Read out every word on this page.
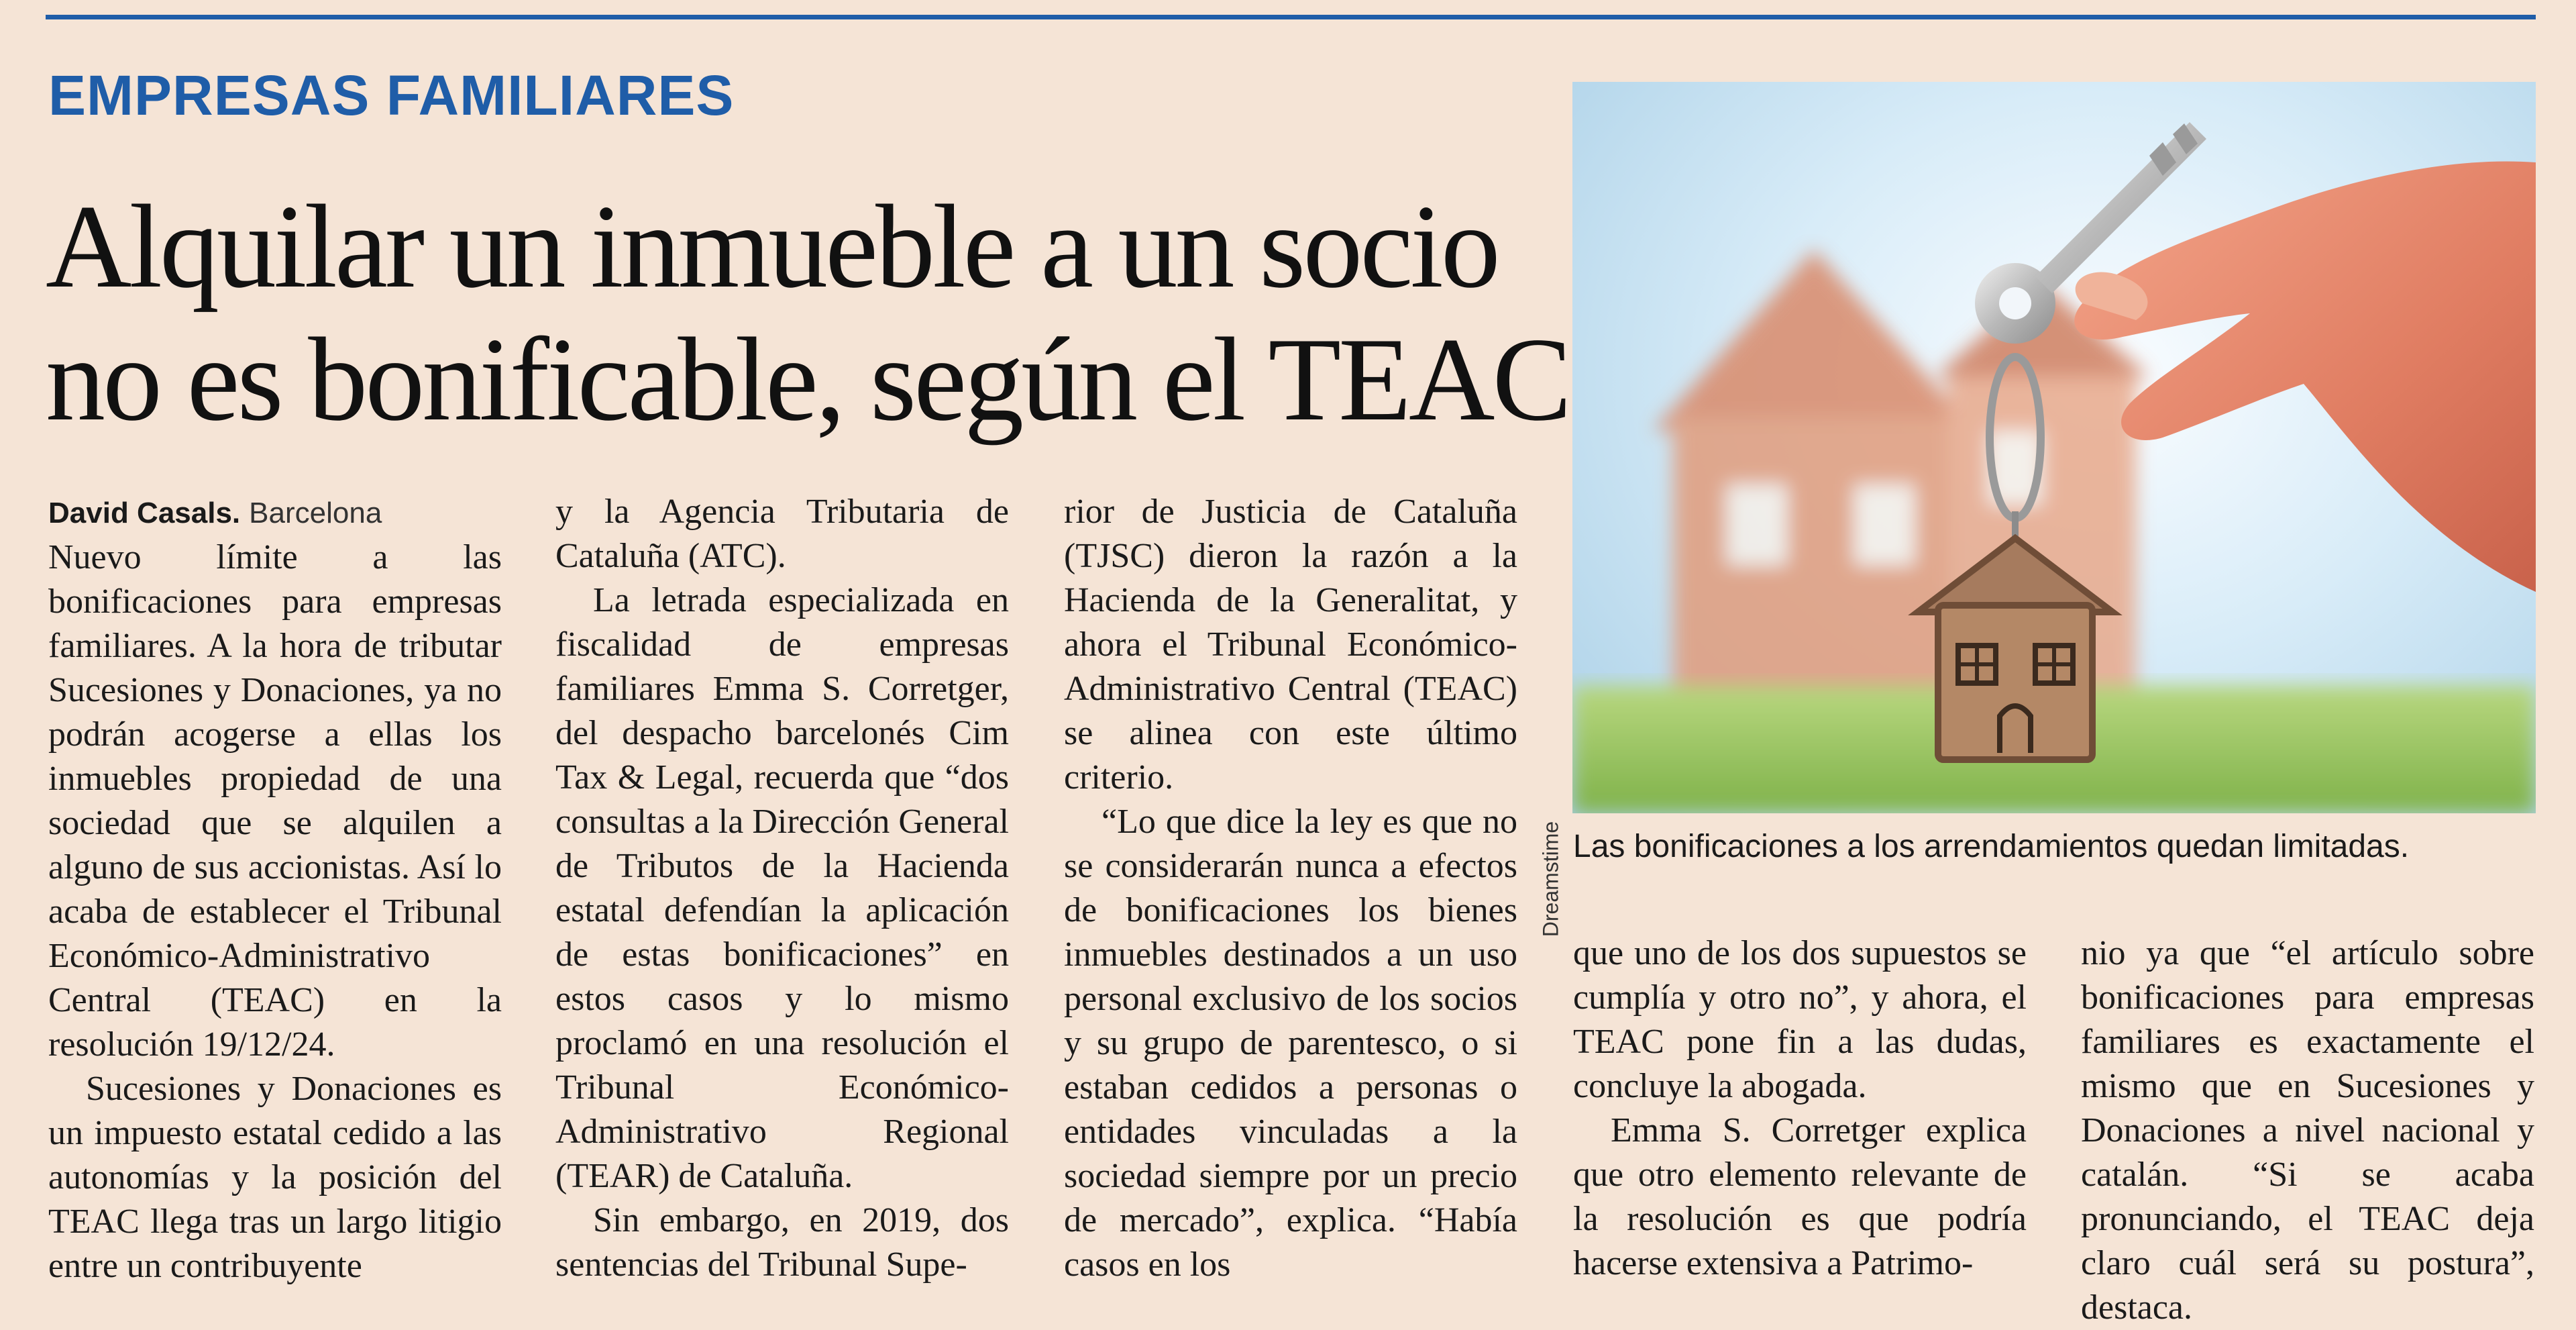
EMPRESAS FAMILIARES
Alquilar un inmueble a un socio
no es bonificable, según el TEAC
David Casals. Barcelona

Nuevo límite a las bonificaciones para empresas familiares. A la hora de tributar Sucesiones y Donaciones, ya no podrán acogerse a ellas los inmuebles propiedad de una sociedad que se alquilen a alguno de sus accionistas. Así lo acaba de establecer el Tribunal Económico-Administrativo Central (TEAC) en la resolución 19/12/24.

Sucesiones y Donaciones es un impuesto estatal cedido a las autonomías y la posición del TEAC llega tras un largo litigio entre un contribuyente

y la Agencia Tributaria de Cataluña (ATC).

La letrada especializada en fiscalidad de empresas familiares Emma S. Corretger, del despacho barcelonés Cim Tax & Legal, recuerda que “dos consultas a la Dirección General de Tributos de la Hacienda estatal defendían la aplicación de estas bonificaciones” en estos casos y lo mismo proclamó en una resolución el Tribunal Económico-Administrativo Regional (TEAR) de Cataluña.

Sin embargo, en 2019, dos sentencias del Tribunal Supe-

rior de Justicia de Cataluña (TJSC) dieron la razón a la Hacienda de la Generalitat, y ahora el Tribunal Económico-Administrativo Central (TEAC) se alinea con este último criterio.

“Lo que dice la ley es que no se considerarán nunca a efectos de bonificaciones los bienes inmuebles destinados a un uso personal exclusivo de los socios y su grupo de parentesco, o si estaban cedidos a personas o entidades vinculadas a la sociedad siempre por un precio de mercado”, explica. “Había casos en los

Dreamstime Las bonificaciones a los arrendamientos quedan limitadas.

que uno de los dos supuestos se cumplía y otro no”, y ahora, el TEAC pone fin a las dudas, concluye la abogada.

Emma S. Corretger explica que otro elemento relevante de la resolución es que podría hacerse extensiva a Patrimo-

nio ya que “el artículo sobre bonificaciones para empresas familiares es exactamente el mismo que en Sucesiones y Donaciones a nivel nacional y catalán. “Si se acaba pronunciando, el TEAC deja claro cuál será su postura”, destaca.
